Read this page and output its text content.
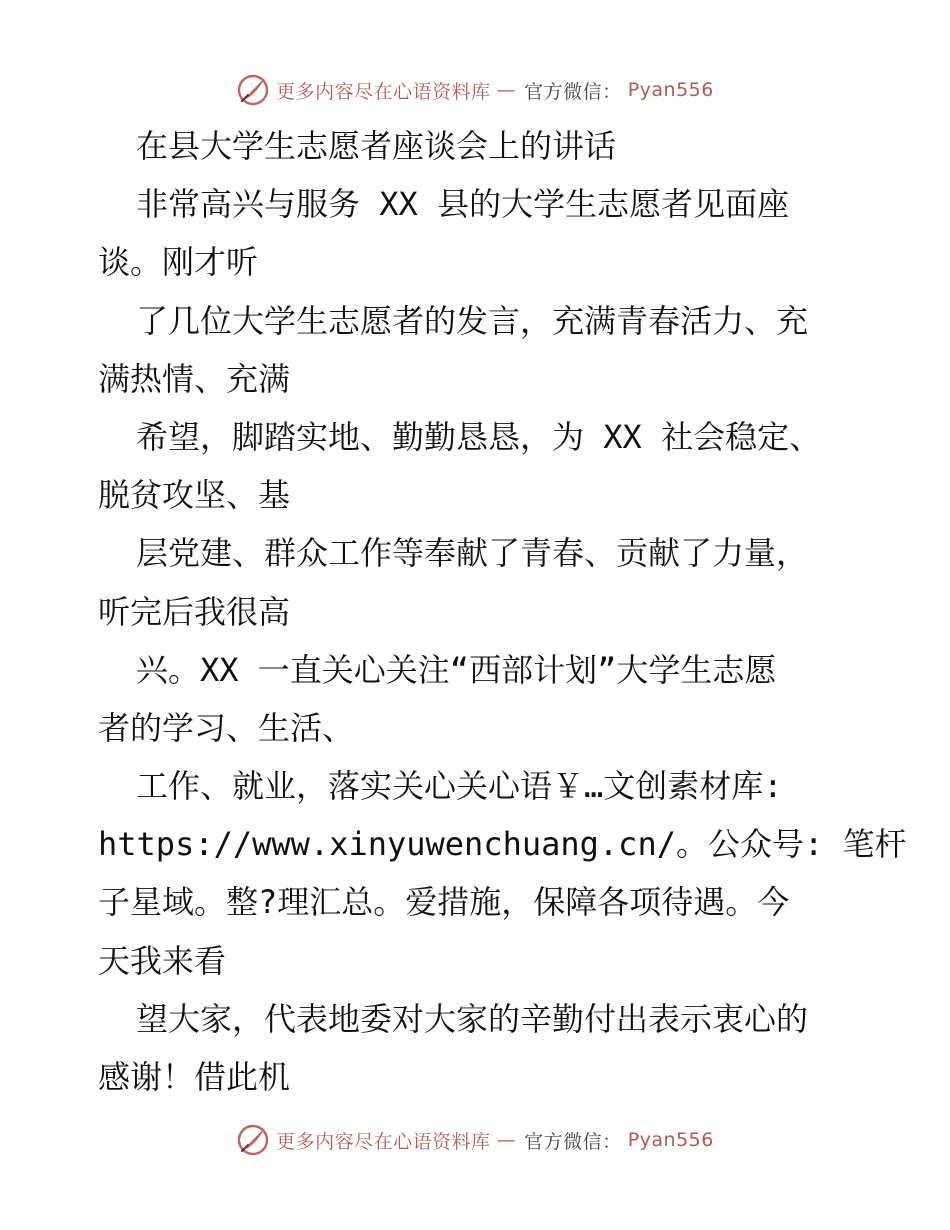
更多内容尽在心语资料库 — 官方微信： Pyan556
在县大学生志愿者座谈会上的讲话
非常高兴与服务 XX 县的大学生志愿者见面座
谈。刚才听
了几位大学生志愿者的发言，充满青春活力、充
满热情、充满
希望，脚踏实地、勤勤恳恳，为 XX 社会稳定、
脱贫攻坚、基
层党建、群众工作等奉献了青春、贡献了力量，
听完后我很高
兴。XX 一直关心关注“西部计划”大学生志愿
者的学习、生活、
工作、就业，落实关心关心语￥…文创素材库:
https://www.xinyuwenchuang.cn/。公众号: 笔杆
子星域。整?理汇总。爱措施，保障各项待遇。今
天我来看
望大家，代表地委对大家的辛勤付出表示衷心的
感谢！借此机
更多内容尽在心语资料库 — 官方微信： Pyan556
